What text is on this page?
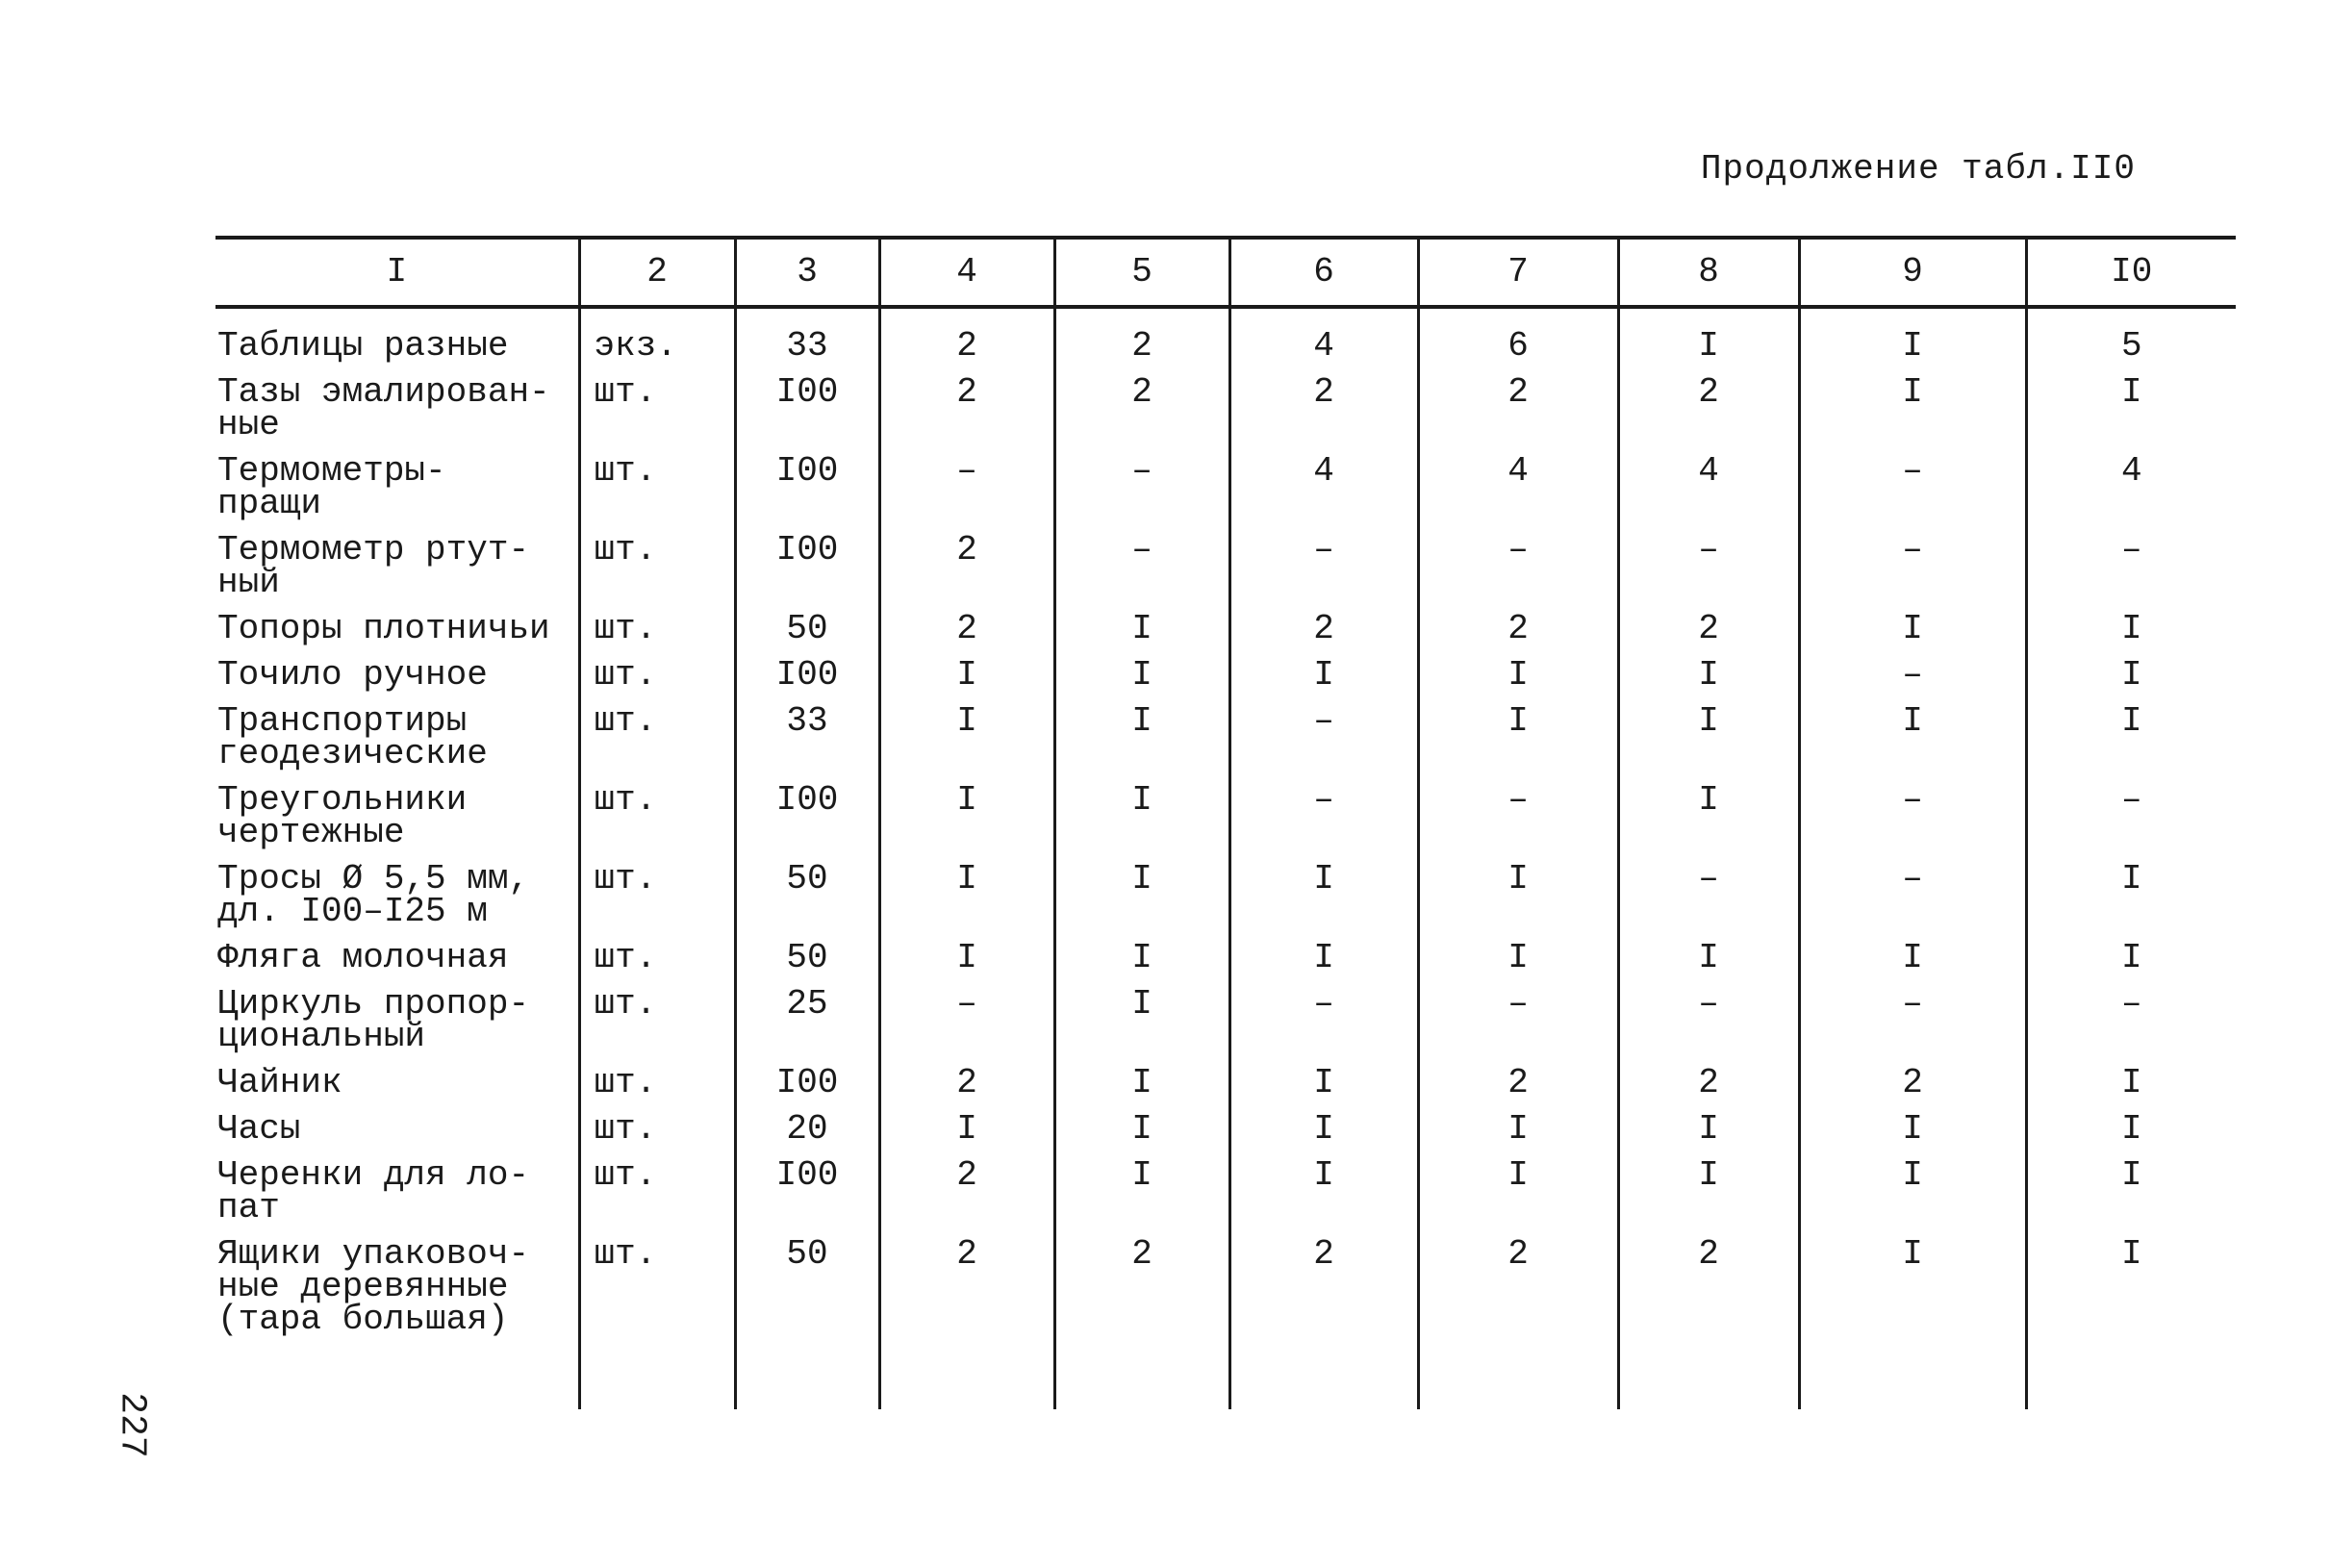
Продолжение табл.II0
I	2	3	4	5	6	7	8	9	I0

Таблицы разные	экз.	33	2	2	4	6	I	I	5

Тазы эмалирован-
ные	шт.	I00	2	2	2	2	2	I	I

Термометры-
пращи	шт.	I00	–	–	4	4	4	–	4

Термометр ртут-
ный	шт.	I00	2	–	–	–	–	–	–

Топоры плотничьи	шт.	50	2	I	2	2	2	I	I

Точило ручное	шт.	I00	I	I	I	I	I	–	I

Транспортиры
геодезические	шт.	33	I	I	–	I	I	I	I

Треугольники
чертежные	шт.	I00	I	I	–	–	I	–	–

Тросы Ø 5,5 мм,
дл. I00–I25 м	шт.	50	I	I	I	I	–	–	I

Фляга молочная	шт.	50	I	I	I	I	I	I	I

Циркуль пропор-
циональный	шт.	25	–	I	–	–	–	–	–

Чайник	шт.	I00	2	I	I	2	2	2	I

Часы	шт.	20	I	I	I	I	I	I	I

Черенки для ло-
пат	шт.	I00	2	I	I	I	I	I	I

Ящики упаковоч-
ные деревянные
(тара большая)	шт.	50	2	2	2	2	2	I	I

227
